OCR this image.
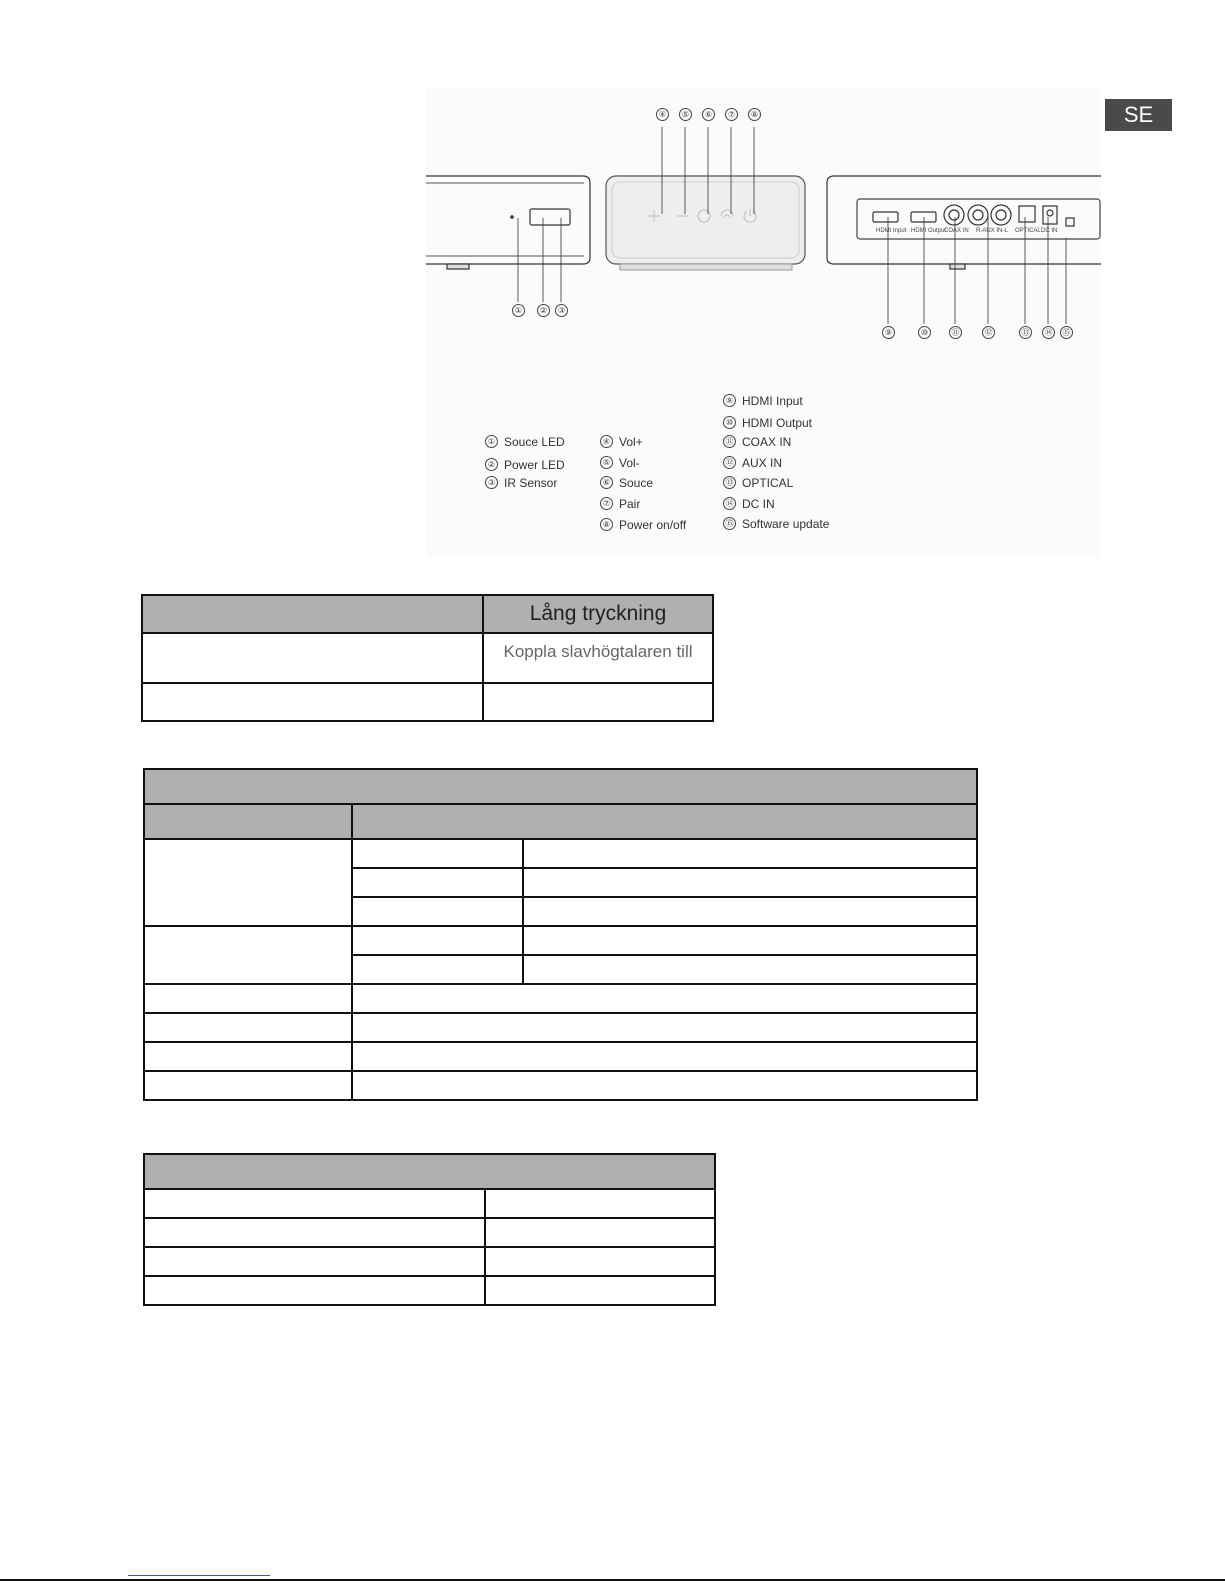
SE
HDMI Input HDMI Output
COAX IN R-AUX IN-L OPTICAL DC IN
④	⑤	⑥	⑦	⑧
①	②	③
⑨	⑩	⑪	⑫	⑬	⑭	⑮
① Souce LED
② Power LED
③ IR Sensor
④ Vol+
⑤ Vol-
⑥ Souce
⑦ Pair
⑧ Power on/off
⑨ HDMI Input
⑩ HDMI Output
⑪ COAX IN
⑫ AUX IN
⑬ OPTICAL
⑭ DC IN
⑮ Software update
	Lång tryckning
	Koppla slavhögtalaren till
